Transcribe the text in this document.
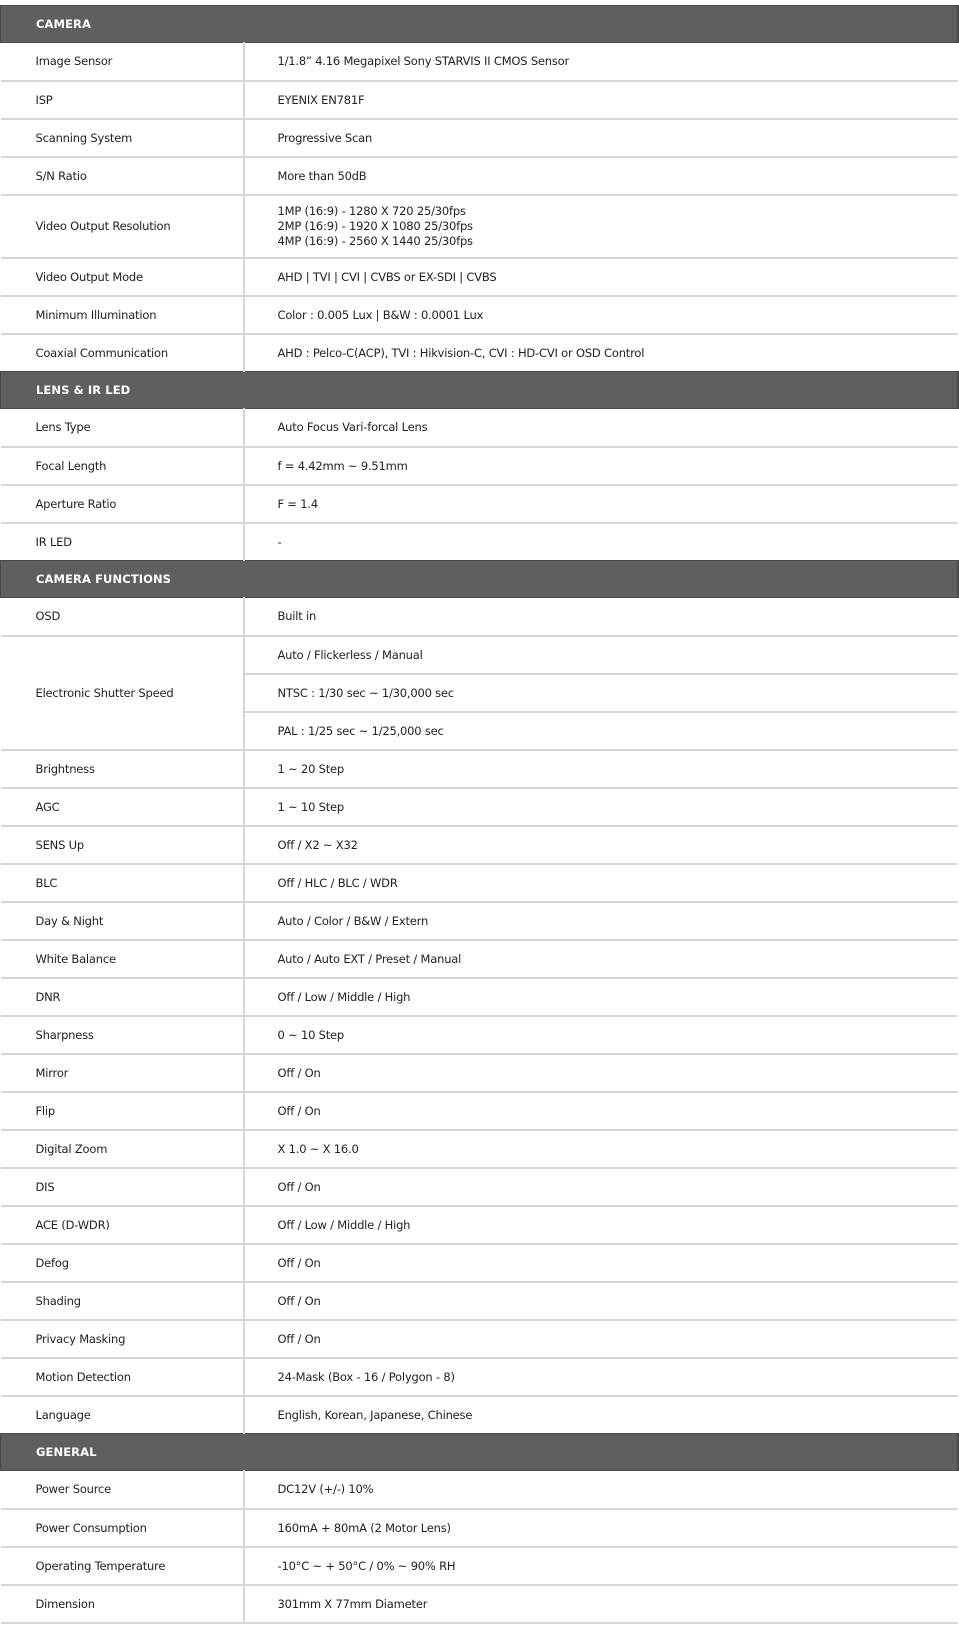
CAMERA	
Image Sensor	1/1.8” 4.16 Megapixel Sony STARVIS II CMOS Sensor
ISP	EYENIX EN781F
Scanning System	Progressive Scan
S/N Ratio	More than 50dB
Video Output Resolution	1MP (16:9) - 1280 X 720 25/30fps
2MP (16:9) - 1920 X 1080 25/30fps
4MP (16:9) - 2560 X 1440 25/30fps

Video Output Mode	AHD | TVI | CVI | CVBS or EX-SDI | CVBS
Minimum Illumination	Color : 0.005 Lux | B&W : 0.0001 Lux
Coaxial Communication	AHD : Pelco-C(ACP), TVI : Hikvision-C, CVI : HD-CVI or OSD Control
LENS & IR LED	
Lens Type	Auto Focus Vari-forcal Lens
Focal Length	f = 4.42mm ~ 9.51mm
Aperture Ratio	F = 1.4
IR LED	-
CAMERA FUNCTIONS	
OSD	Built in
Electronic Shutter Speed	Auto / Flickerless / Manual
	NTSC : 1/30 sec ~ 1/30,000 sec
	PAL : 1/25 sec ~ 1/25,000 sec
Brightness	1 ~ 20 Step
AGC	1 ~ 10 Step
SENS Up	Off / X2 ~ X32
BLC	Off / HLC / BLC / WDR
Day & Night	Auto / Color / B&W / Extern
White Balance	Auto / Auto EXT / Preset / Manual
DNR	Off / Low / Middle / High
Sharpness	0 ~ 10 Step
Mirror	Off / On
Flip	Off / On
Digital Zoom	X 1.0 ~ X 16.0
DIS	Off / On
ACE (D-WDR)	Off / Low / Middle / High
Defog	Off / On
Shading	Off / On
Privacy Masking	Off / On
Motion Detection	24-Mask (Box - 16 / Polygon - 8)
Language	English, Korean, Japanese, Chinese
GENERAL	
Power Source	DC12V (+/-) 10%
Power Consumption	160mA + 80mA (2 Motor Lens)
Operating Temperature	-10°C ~ + 50°C / 0% ~ 90% RH
Dimension	301mm X 77mm Diameter
